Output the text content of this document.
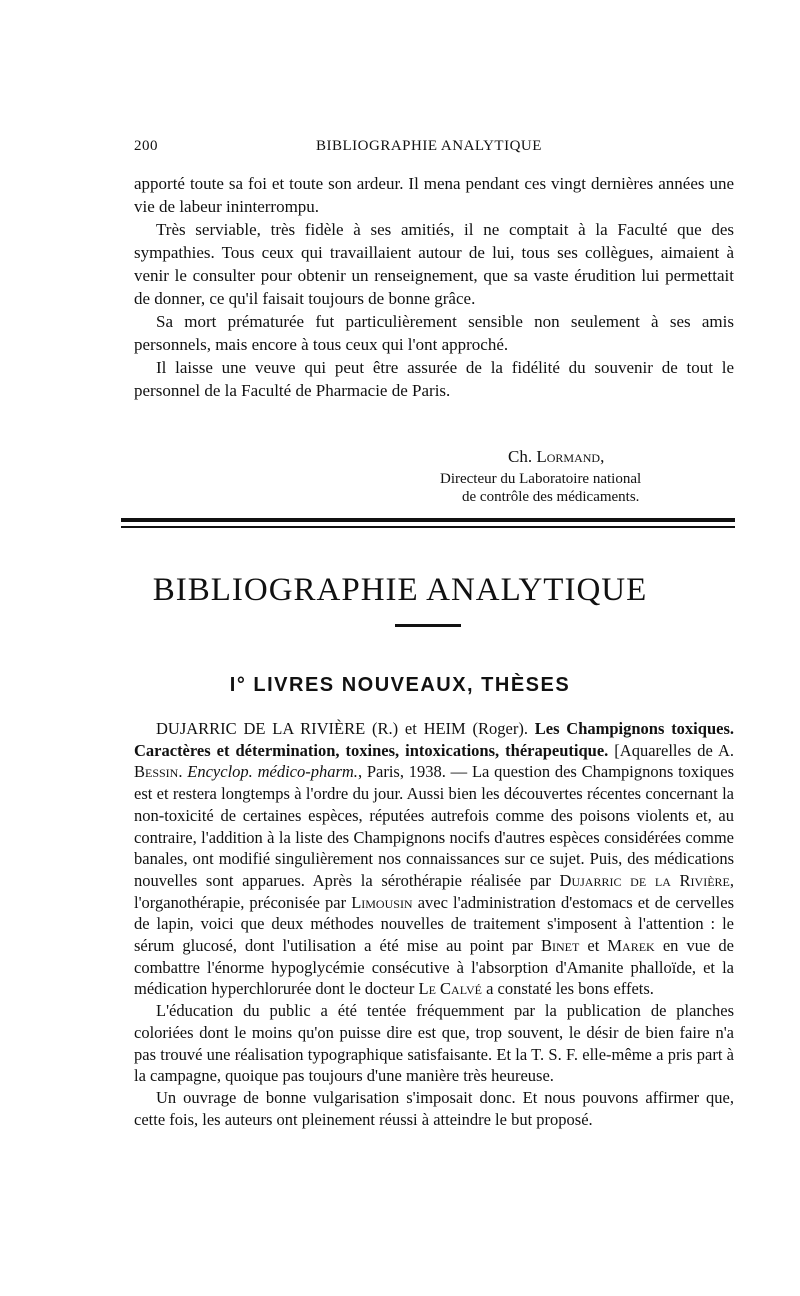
200	BIBLIOGRAPHIE ANALYTIQUE

apporté toute sa foi et toute son ardeur. Il mena pendant ces vingt dernières années une vie de labeur ininterrompu.

Très serviable, très fidèle à ses amitiés, il ne comptait à la Faculté que des sympathies. Tous ceux qui travaillaient autour de lui, tous ses collègues, aimaient à venir le consulter pour obtenir un renseignement, que sa vaste érudition lui permettait de donner, ce qu'il faisait toujours de bonne grâce.

Sa mort prématurée fut particulièrement sensible non seulement à ses amis personnels, mais encore à tous ceux qui l'ont approché.

Il laisse une veuve qui peut être assurée de la fidélité du souvenir de tout le personnel de la Faculté de Pharmacie de Paris.

Ch. Lormand,
Directeur du Laboratoire national
de contrôle des médicaments.
BIBLIOGRAPHIE ANALYTIQUE
I° LIVRES NOUVEAUX, THÈSES

DUJARRIC DE LA RIVIÈRE (R.) et HEIM (Roger). Les Champignons toxiques. Caractères et détermination, toxines, intoxications, thérapeutique. [Aquarelles de A. Bessin. Encyclop. médico-pharm., Paris, 1938. — La question des Champignons toxiques est et restera longtemps à l'ordre du jour. Aussi bien les découvertes récentes concernant la non-toxicité de certaines espèces, réputées autrefois comme des poisons violents et, au contraire, l'addition à la liste des Champignons nocifs d'autres espèces considérées comme banales, ont modifié singulièrement nos connaissances sur ce sujet. Puis, des médications nouvelles sont apparues. Après la sérothérapie réalisée par Dujarric de la Rivière, l'organothérapie, préconisée par Limousin avec l'administration d'estomacs et de cervelles de lapin, voici que deux méthodes nouvelles de traitement s'imposent à l'attention : le sérum glucosé, dont l'utilisation a été mise au point par Binet et Marek en vue de combattre l'énorme hypoglycémie consécutive à l'absorption d'Amanite phalloïde, et la médication hyperchlorurée dont le docteur Le Calvé a constaté les bons effets.

L'éducation du public a été tentée fréquemment par la publication de planches coloriées dont le moins qu'on puisse dire est que, trop souvent, le désir de bien faire n'a pas trouvé une réalisation typographique satisfaisante. Et la T. S. F. elle-même a pris part à la campagne, quoique pas toujours d'une manière très heureuse.

Un ouvrage de bonne vulgarisation s'imposait donc. Et nous pouvons affirmer que, cette fois, les auteurs ont pleinement réussi à atteindre le but proposé.
